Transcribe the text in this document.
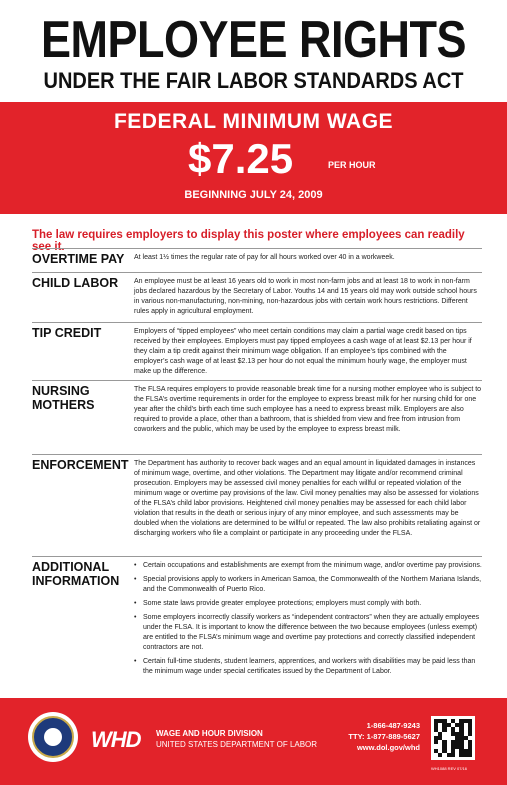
EMPLOYEE RIGHTS
UNDER THE FAIR LABOR STANDARDS ACT
FEDERAL MINIMUM WAGE
$7.25	PER HOUR
BEGINNING JULY 24, 2009
The law requires employers to display this poster where employees can readily see it.
OVERTIME PAY	At least 1½ times the regular rate of pay for all hours worked over 40 in a workweek.
CHILD LABOR	An employee must be at least 16 years old to work in most non-farm jobs and at least 18 to work in non-farm jobs declared hazardous by the Secretary of Labor. Youths 14 and 15 years old may work outside school hours in various non-manufacturing, non-mining, non-hazardous jobs with certain work hours restrictions. Different rules apply in agricultural employment.
TIP CREDIT	Employers of “tipped employees” who meet certain conditions may claim a partial wage credit based on tips received by their employees. Employers must pay tipped employees a cash wage of at least $2.13 per hour if they claim a tip credit against their minimum wage obligation. If an employee’s tips combined with the employer’s cash wage of at least $2.13 per hour do not equal the minimum hourly wage, the employer must make up the difference.
NURSING MOTHERS
The FLSA requires employers to provide reasonable break time for a nursing mother employee who is subject to the FLSA’s overtime requirements in order for the employee to express breast milk for her nursing child for one year after the child’s birth each time such employee has a need to express breast milk. Employers are also required to provide a place, other than a bathroom, that is shielded from view and free from intrusion from coworkers and the public, which may be used by the employee to express breast milk.
ENFORCEMENT The Department has authority to recover back wages and an equal amount in liquidated damages in instances of minimum wage, overtime, and other violations. The Department may litigate and/or recommend criminal prosecution. Employers may be assessed civil money penalties for each willful or repeated violation of the minimum wage or overtime pay provisions of the law. Civil money penalties may also be assessed for violations of the FLSA’s child labor provisions. Heightened civil money penalties may be assessed for each child labor violation that results in the death or serious injury of any minor employee, and such assessments may be doubled when the violations are determined to be willful or repeated. The law also prohibits retaliating against or discharging workers who file a complaint or participate in any proceeding under the FLSA.
ADDITIONAL INFORMATION
• Certain occupations and establishments are exempt from the minimum wage, and/or overtime pay provisions.
• Special provisions apply to workers in American Samoa, the Commonwealth of the Northern Mariana Islands, and the Commonwealth of Puerto Rico.
• Some state laws provide greater employee protections; employers must comply with both.
• Some employers incorrectly classify workers as “independent contractors” when they are actually employees under the FLSA. It is important to know the difference between the two because employees (unless exempt) are entitled to the FLSA’s minimum wage and overtime pay protections and correctly classified independent contractors are not.
• Certain full-time students, student learners, apprentices, and workers with disabilities may be paid less than the minimum wage under special certificates issued by the Department of Labor.
WHD WAGE AND HOUR DIVISION
UNITED STATES DEPARTMENT OF LABOR
1-866-487-9243
TTY: 1-877-889-5627
www.dol.gov/whd
WH1088 REV 07/16
